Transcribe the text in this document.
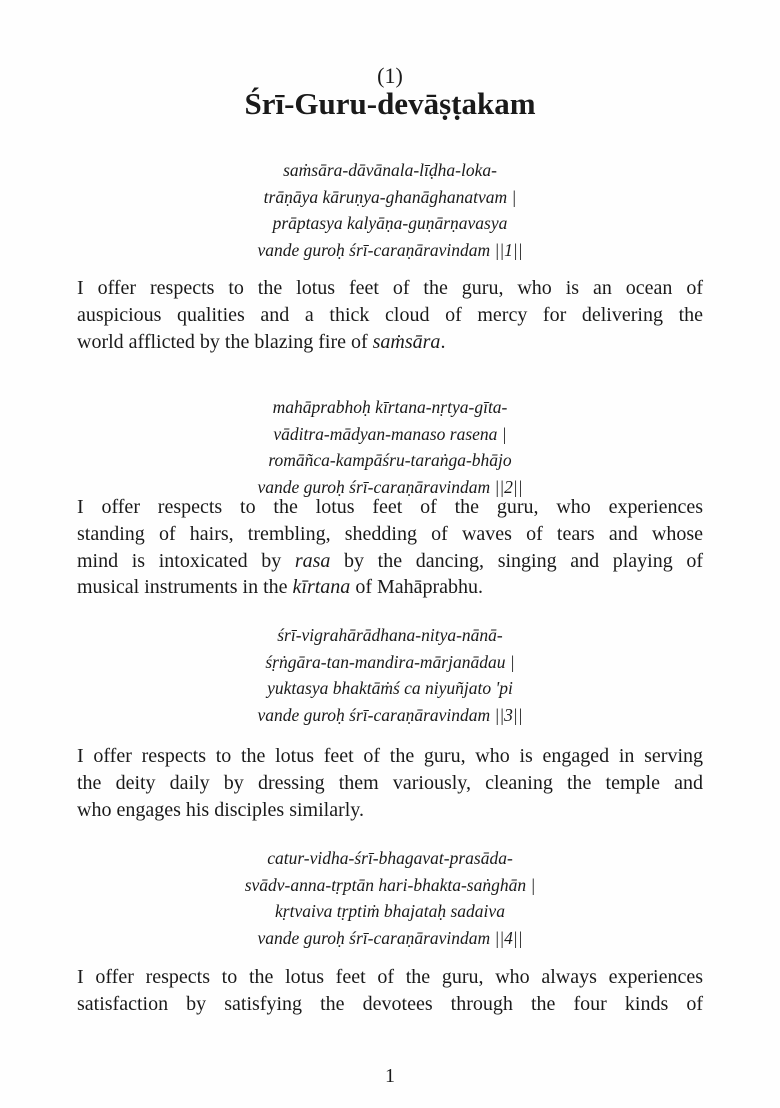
(1)
Śrī-Guru-devāṣṭakam
saṁsāra-dāvānala-līḍha-loka-
trāṇāya kāruṇya-ghanāghanatvam |
prāptasya kalyāṇa-guṇārṇavasya
vande guroḥ śrī-caraṇāravindam ||1||
I offer respects to the lotus feet of the guru, who is an ocean of
auspicious qualities and a thick cloud of mercy for delivering the
world afflicted by the blazing fire of saṁsāra.
mahāprabhoḥ kīrtana-nṛtya-gīta-
vāditra-mādyan-manaso rasena |
romāñca-kampāśru-taraṅga-bhājo
vande guroḥ śrī-caraṇāravindam ||2||
I offer respects to the lotus feet of the guru, who experiences
standing of hairs, trembling, shedding of waves of tears and whose
mind is intoxicated by rasa by the dancing, singing and playing of
musical instruments in the kīrtana of Mahāprabhu.
śrī-vigrahārādhana-nitya-nānā-
śṛṅgāra-tan-mandira-mārjanādau |
yuktasya bhaktāṁś ca niyuñjato 'pi
vande guroḥ śrī-caraṇāravindam ||3||
I offer respects to the lotus feet of the guru, who is engaged in serving
the deity daily by dressing them variously, cleaning the temple and
who engages his disciples similarly.
catur-vidha-śrī-bhagavat-prasāda-
svādv-anna-tṛptān hari-bhakta-saṅghān |
kṛtvaiva tṛptiṁ bhajataḥ sadaiva
vande guroḥ śrī-caraṇāravindam ||4||
I offer respects to the lotus feet of the guru, who always experiences
satisfaction by satisfying the devotees through the four kinds of
1
